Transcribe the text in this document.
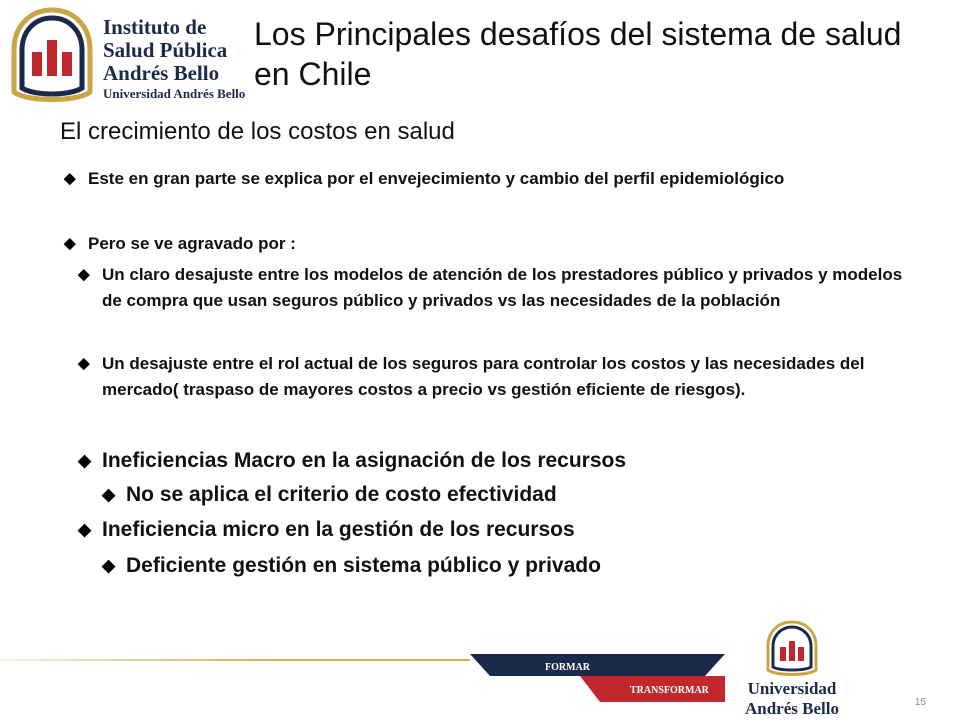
Instituto de
Salud Pública
Andrés Bello
Universidad Andrés Bello
Los Principales desafíos del sistema de salud en Chile
El crecimiento de los costos en salud
◆ Este en gran parte se explica por el envejecimiento y cambio del perfil epidemiológico
◆ Pero se ve agravado por :
◆ Un claro desajuste entre los modelos de atención de los prestadores público y privados y modelos de compra que usan seguros público y privados vs las necesidades de la población
◆ Un desajuste entre el rol actual de los seguros para controlar los costos y las necesidades del mercado( traspaso de mayores costos a precio vs gestión eficiente de riesgos).
◆ Ineficiencias Macro en la asignación de los recursos
◆ No se aplica el criterio de costo efectividad
◆ Ineficiencia micro en la gestión de los recursos
◆ Deficiente gestión en sistema público y privado
FORMAR
TRANSFORMAR Universidad
Andrés Bello	15
